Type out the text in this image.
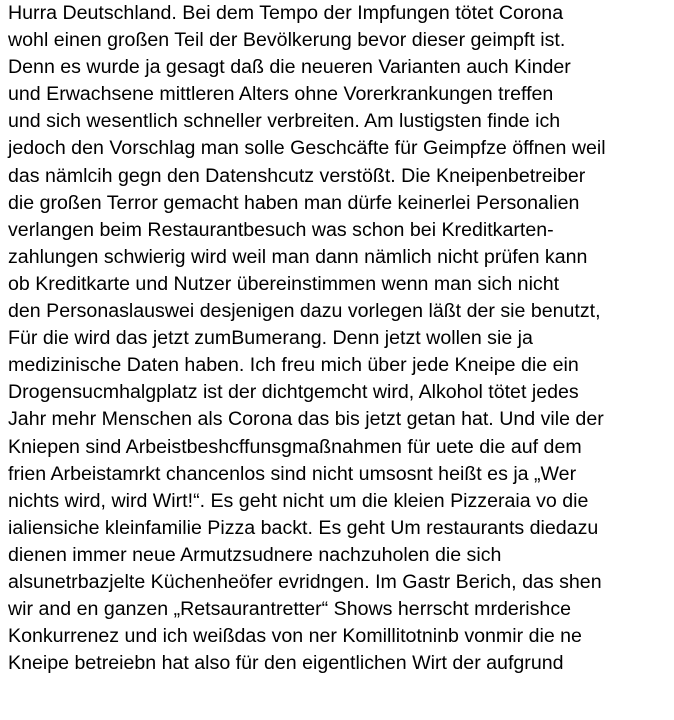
Hurra Deutschland. Bei dem Tempo der Impfungen tötet Corona
wohl einen großen Teil der Bevölkerung bevor dieser geimpft ist.
Denn es wurde ja gesagt daß die neueren Varianten auch Kinder
und Erwachsene mittleren Alters ohne Vorerkrankungen treffen
und sich wesentlich schneller verbreiten. Am lustigsten finde ich
jedoch den Vorschlag man solle Geschcäfte für Geimpfze öffnen weil
das nämlcih gegn den Datenshcutz verstößt. Die Kneipenbetreiber
die großen Terror gemacht haben man dürfe keinerlei Personalien
verlangen beim Restaurantbesuch was schon bei Kreditkarten-
zahlungen schwierig wird weil man dann nämlich nicht prüfen kann
ob Kreditkarte und Nutzer übereinstimmen wenn man sich nicht
den Personaslauswei desjenigen dazu vorlegen läßt der sie benutzt,
Für die wird das jetzt zumBumerang. Denn jetzt wollen sie ja
medizinische Daten haben. Ich freu mich über jede Kneipe die ein
Drogensucmhalgplatz ist der dichtgemcht wird, Alkohol tötet jedes
Jahr mehr Menschen als Corona das bis jetzt getan hat. Und vile der
Kniepen sind Arbeistbeshcffunsgmaßnahmen für uete die auf dem
frien Arbeistamrkt chancenlos sind nicht umsosnt heißt es ja „Wer
nichts wird, wird Wirt!“. Es geht nicht um die kleien Pizzeraia vo die
ialiensiche kleinfamilie Pizza backt. Es geht Um restaurants diedazu
dienen immer neue Armutzsudnere nachzuholen die sich
alsunetrbazjelte Küchenheöfer evridngen. Im Gastr Berich, das shen
wir and en ganzen „Retsaurantretter“ Shows herrscht mrderishce
Konkurrenez und ich weißdas von ner Komillitotninb vonmir die ne
Kneipe betreiebn hat also für den eigentlichen Wirt der aufgrund
